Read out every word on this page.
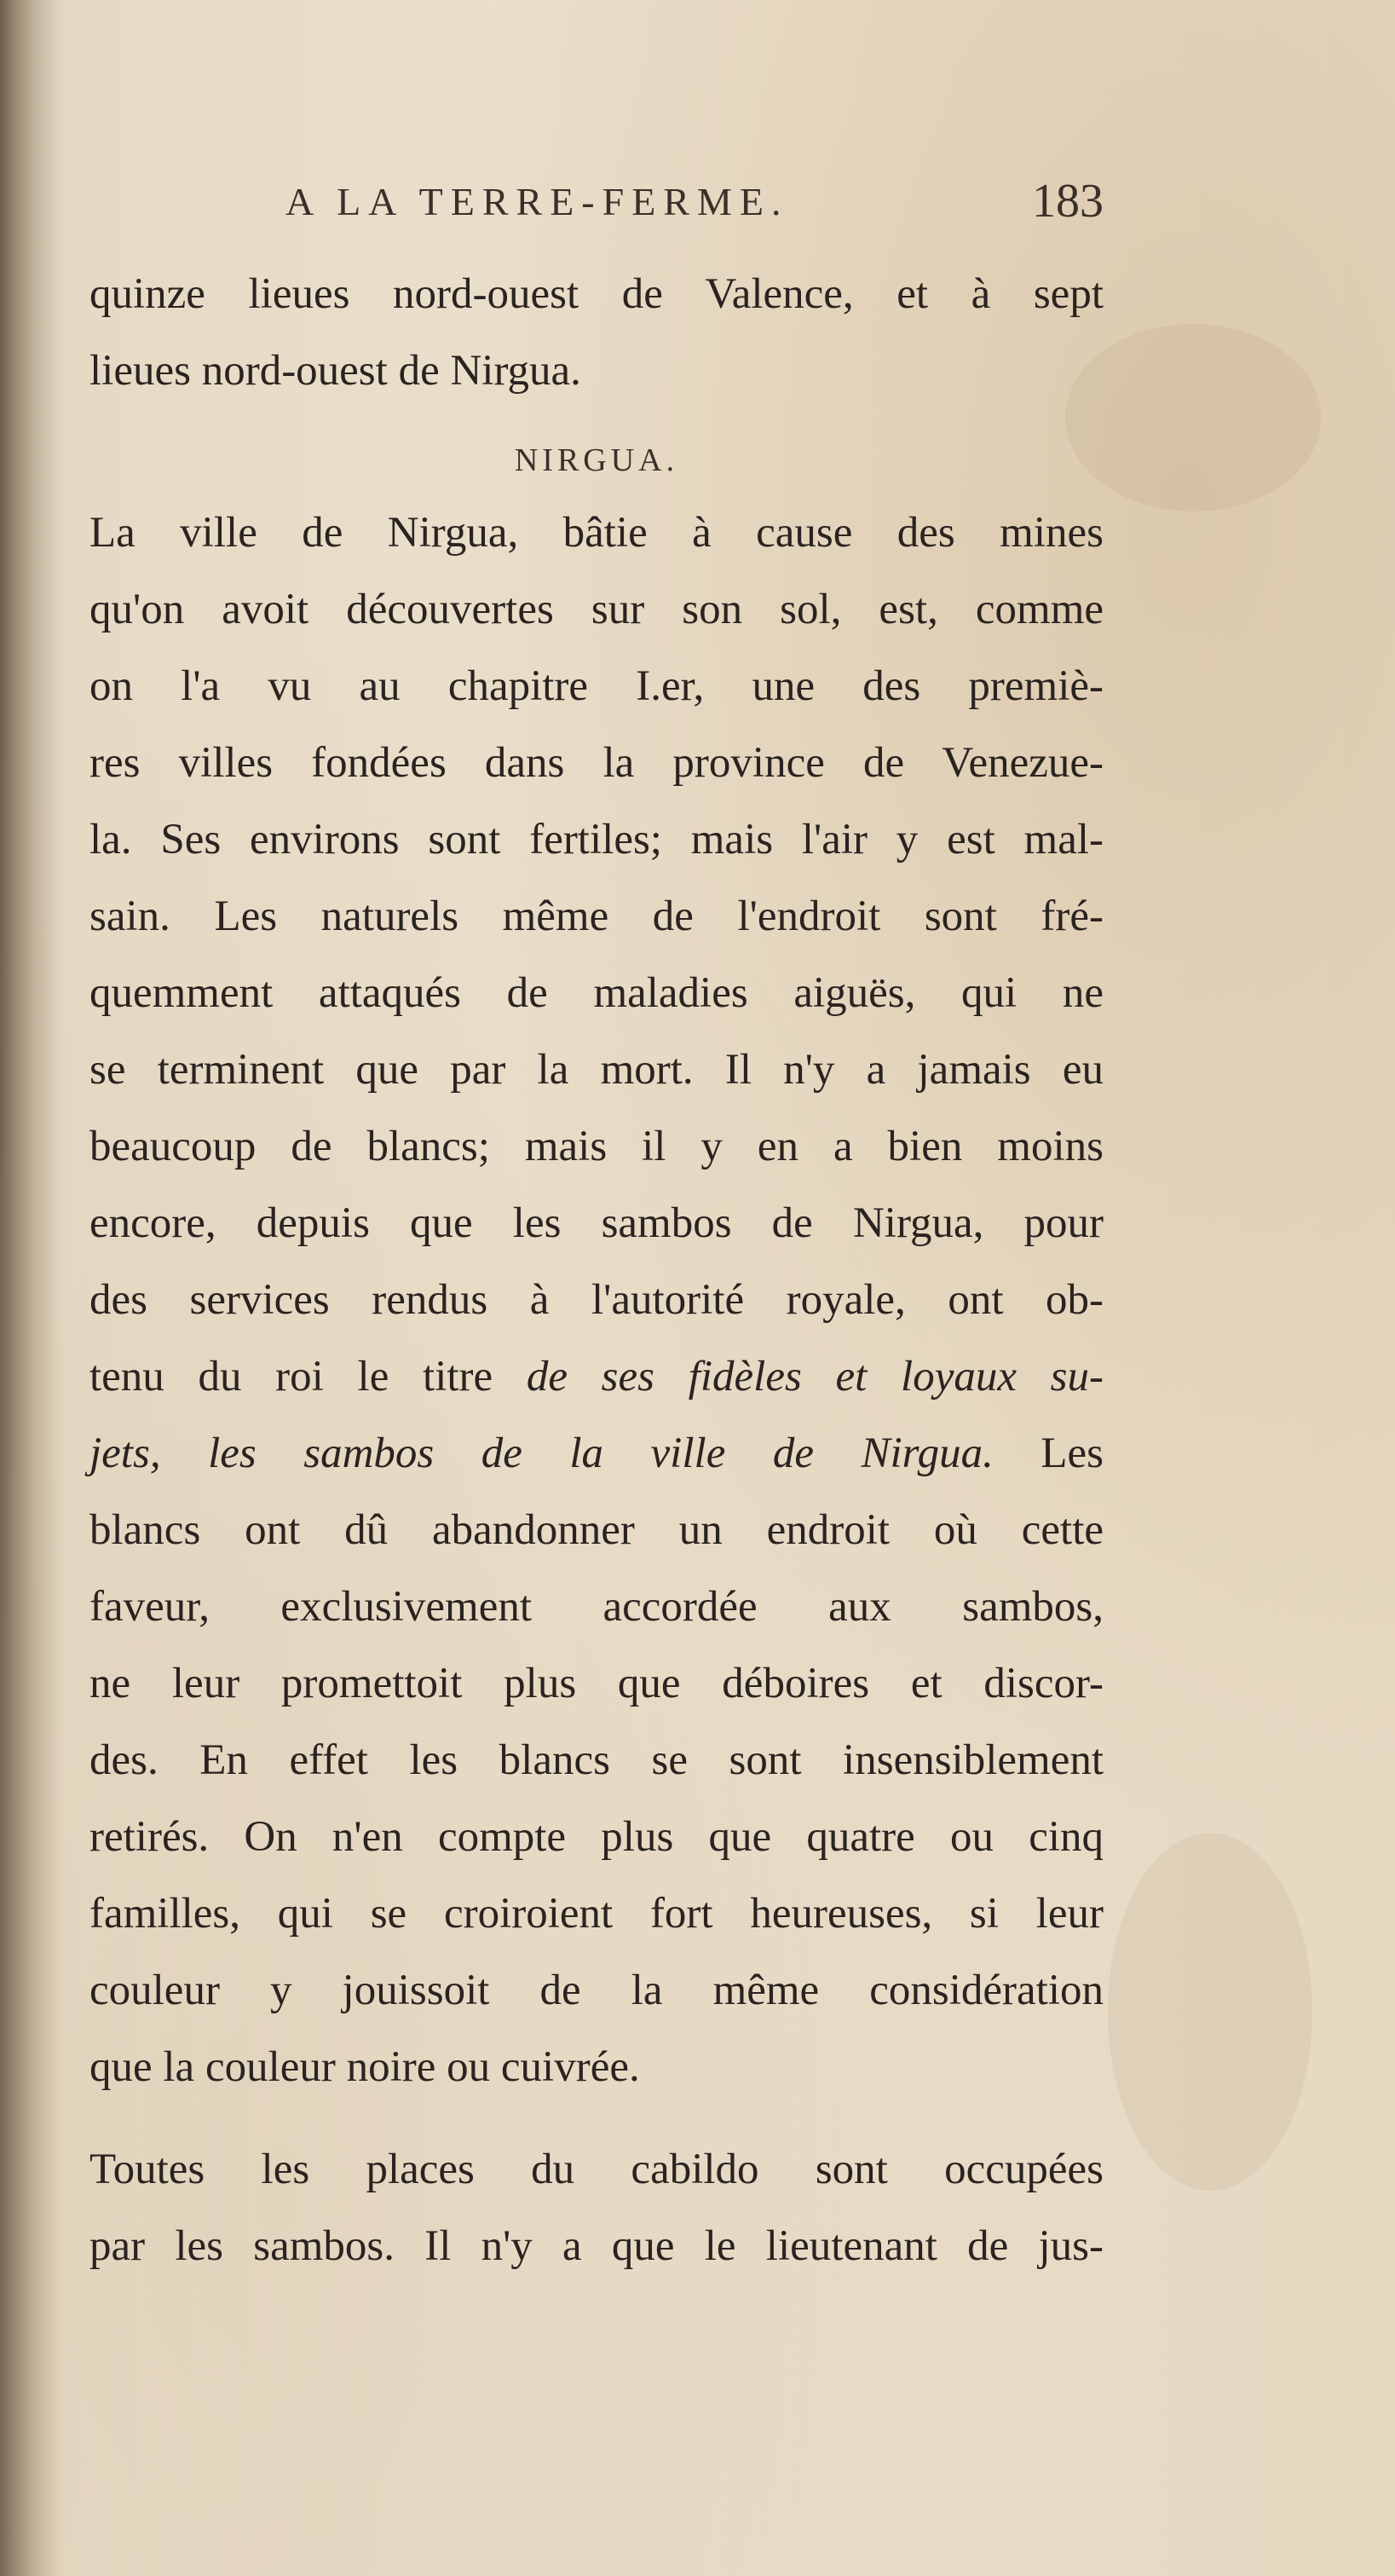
A LA TERRE-FERME.	183
quinze lieues nord-ouest de Valence, et à sept
lieues nord-ouest de Nirgua.
NIRGUA.
La ville de Nirgua, bâtie à cause des mines
qu'on avoit découvertes sur son sol, est, comme
on l'a vu au chapitre I.er, une des premiè-
res villes fondées dans la province de Venezue-
la. Ses environs sont fertiles; mais l'air y est mal-
sain. Les naturels même de l'endroit sont fré-
quemment attaqués de maladies aiguës, qui ne
se terminent que par la mort. Il n'y a jamais eu
beaucoup de blancs; mais il y en a bien moins
encore, depuis que les sambos de Nirgua, pour
des services rendus à l'autorité royale, ont ob-
tenu du roi le titre de ses fidèles et loyaux su-
jets, les sambos de la ville de Nirgua. Les
blancs ont dû abandonner un endroit où cette
faveur, exclusivement accordée aux sambos,
ne leur promettoit plus que déboires et discor-
des. En effet les blancs se sont insensiblement
retirés. On n'en compte plus que quatre ou cinq
familles, qui se croiroient fort heureuses, si leur
couleur y jouissoit de la même considération
que la couleur noire ou cuivrée.
Toutes les places du cabildo sont occupées
par les sambos. Il n'y a que le lieutenant de jus-
